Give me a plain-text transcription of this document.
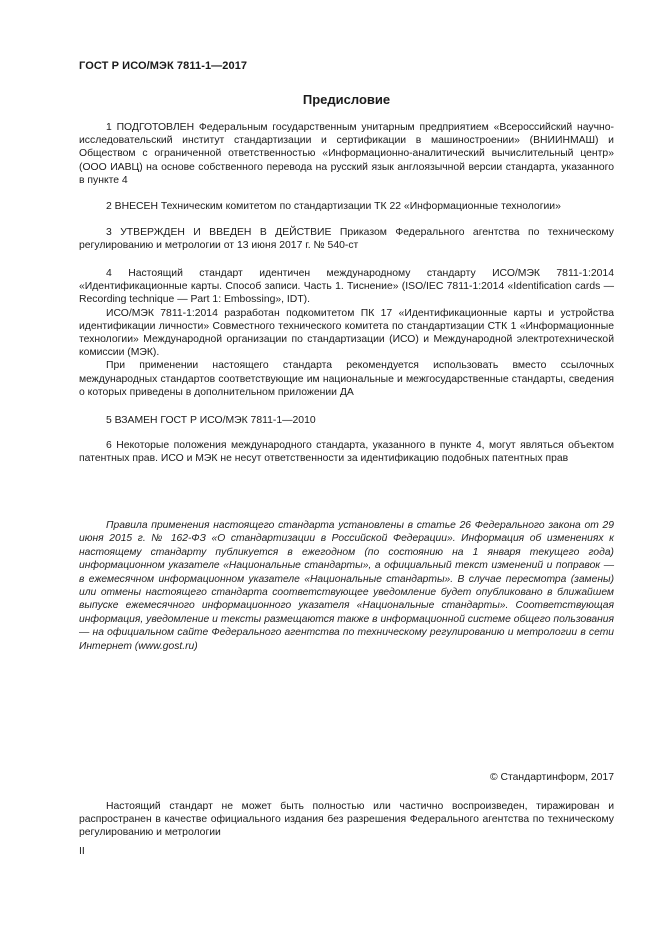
ГОСТ Р ИСО/МЭК 7811-1—2017
Предисловие

1 ПОДГОТОВЛЕН Федеральным государственным унитарным предприятием «Всероссийский научно-исследовательский институт стандартизации и сертификации в машиностроении» (ВНИИНМАШ) и Обществом с ограниченной ответственностью «Информационно-аналитический вычислительный центр» (ООО ИАВЦ) на основе собственного перевода на русский язык англоязычной версии стандарта, указанного в пункте 4

2 ВНЕСЕН Техническим комитетом по стандартизации ТК 22 «Информационные технологии»

3 УТВЕРЖДЕН И ВВЕДЕН В ДЕЙСТВИЕ Приказом Федерального агентства по техническому регулированию и метрологии от 13 июня 2017 г. № 540-ст

4 Настоящий стандарт идентичен международному стандарту ИСО/МЭК 7811-1:2014 «Идентификационные карты. Способ записи. Часть 1. Тиснение» (ISO/IEC 7811-1:2014 «Identification cards — Recording technique — Part 1: Embossing», IDT).

ИСО/МЭК 7811-1:2014 разработан подкомитетом ПК 17 «Идентификационные карты и устройства идентификации личности» Совместного технического комитета по стандартизации СТК 1 «Информационные технологии» Международной организации по стандартизации (ИСО) и Международной электротехнической комиссии (МЭК).

При применении настоящего стандарта рекомендуется использовать вместо ссылочных международных стандартов соответствующие им национальные и межгосударственные стандарты, сведения о которых приведены в дополнительном приложении ДА

5 ВЗАМЕН ГОСТ Р ИСО/МЭК 7811-1—2010

6 Некоторые положения международного стандарта, указанного в пункте 4, могут являться объектом патентных прав. ИСО и МЭК не несут ответственности за идентификацию подобных патентных прав

Правила применения настоящего стандарта установлены в статье 26 Федерального закона от 29 июня 2015 г. № 162-ФЗ «О стандартизации в Российской Федерации». Информация об изменениях к настоящему стандарту публикуется в ежегодном (по состоянию на 1 января текущего года) информационном указателе «Национальные стандарты», а официальный текст изменений и поправок — в ежемесячном информационном указателе «Национальные стандарты». В случае пересмотра (замены) или отмены настоящего стандарта соответствующее уведомление будет опубликовано в ближайшем выпуске ежемесячного информационного указателя «Национальные стандарты». Соответствующая информация, уведомление и тексты размещаются также в информационной системе общего пользования — на официальном сайте Федерального агентства по техническому регулированию и метрологии в сети Интернет (www.gost.ru)

© Стандартинформ, 2017

Настоящий стандарт не может быть полностью или частично воспроизведен, тиражирован и распространен в качестве официального издания без разрешения Федерального агентства по техническому регулированию и метрологии

II
